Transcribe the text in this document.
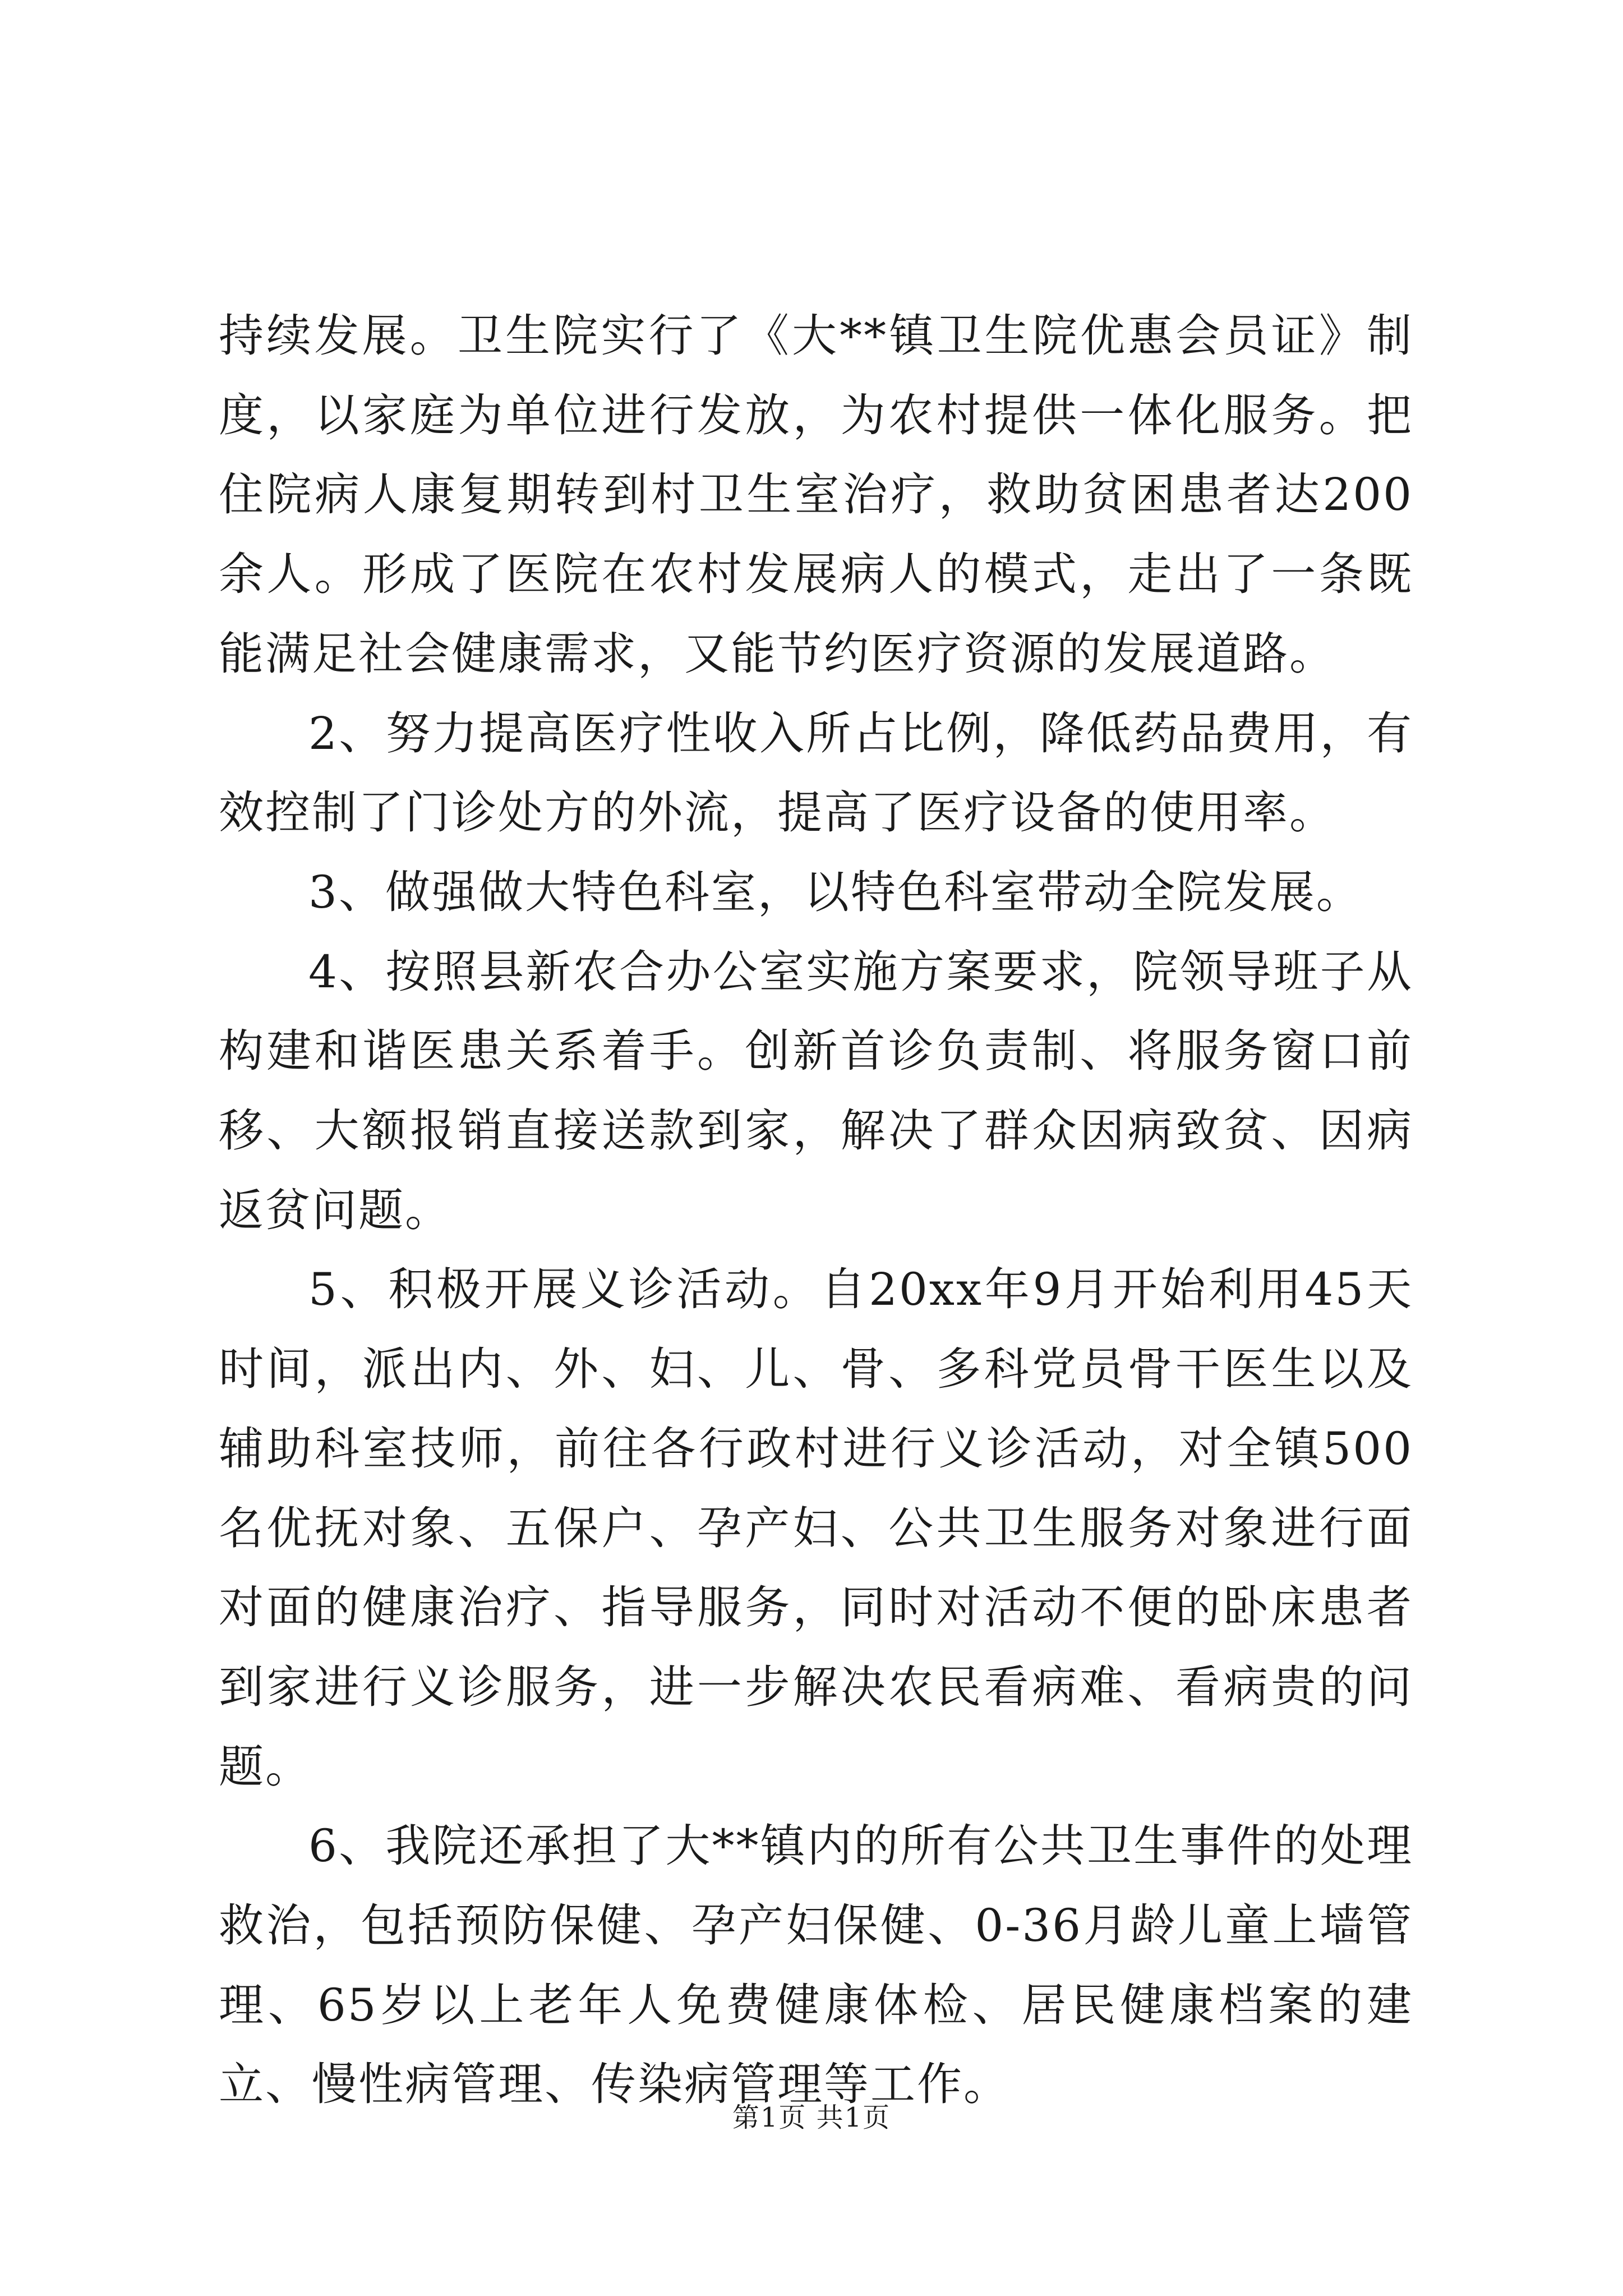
持续发展。卫生院实行了《大**镇卫生院优惠会员证》制度，以家庭为单位进行发放，为农村提供一体化服务。把住院病人康复期转到村卫生室治疗，救助贫困患者达200余人。形成了医院在农村发展病人的模式，走出了一条既能满足社会健康需求，又能节约医疗资源的发展道路。

2、努力提高医疗性收入所占比例，降低药品费用，有效控制了门诊处方的外流，提高了医疗设备的使用率。

3、做强做大特色科室，以特色科室带动全院发展。

4、按照县新农合办公室实施方案要求，院领导班子从构建和谐医患关系着手。创新首诊负责制、将服务窗口前移、大额报销直接送款到家，解决了群众因病致贫、因病返贫问题。

5、积极开展义诊活动。自20xx年9月开始利用45天时间，派出内、外、妇、儿、骨、多科党员骨干医生以及辅助科室技师，前往各行政村进行义诊活动，对全镇500名优抚对象、五保户、孕产妇、公共卫生服务对象进行面对面的健康治疗、指导服务，同时对活动不便的卧床患者到家进行义诊服务，进一步解决农民看病难、看病贵的问题。

6、我院还承担了大**镇内的所有公共卫生事件的处理救治，包括预防保健、孕产妇保健、0-36月龄儿童上墙管理、65岁以上老年人免费健康体检、居民健康档案的建立、慢性病管理、传染病管理等工作。

第1页 共1页
